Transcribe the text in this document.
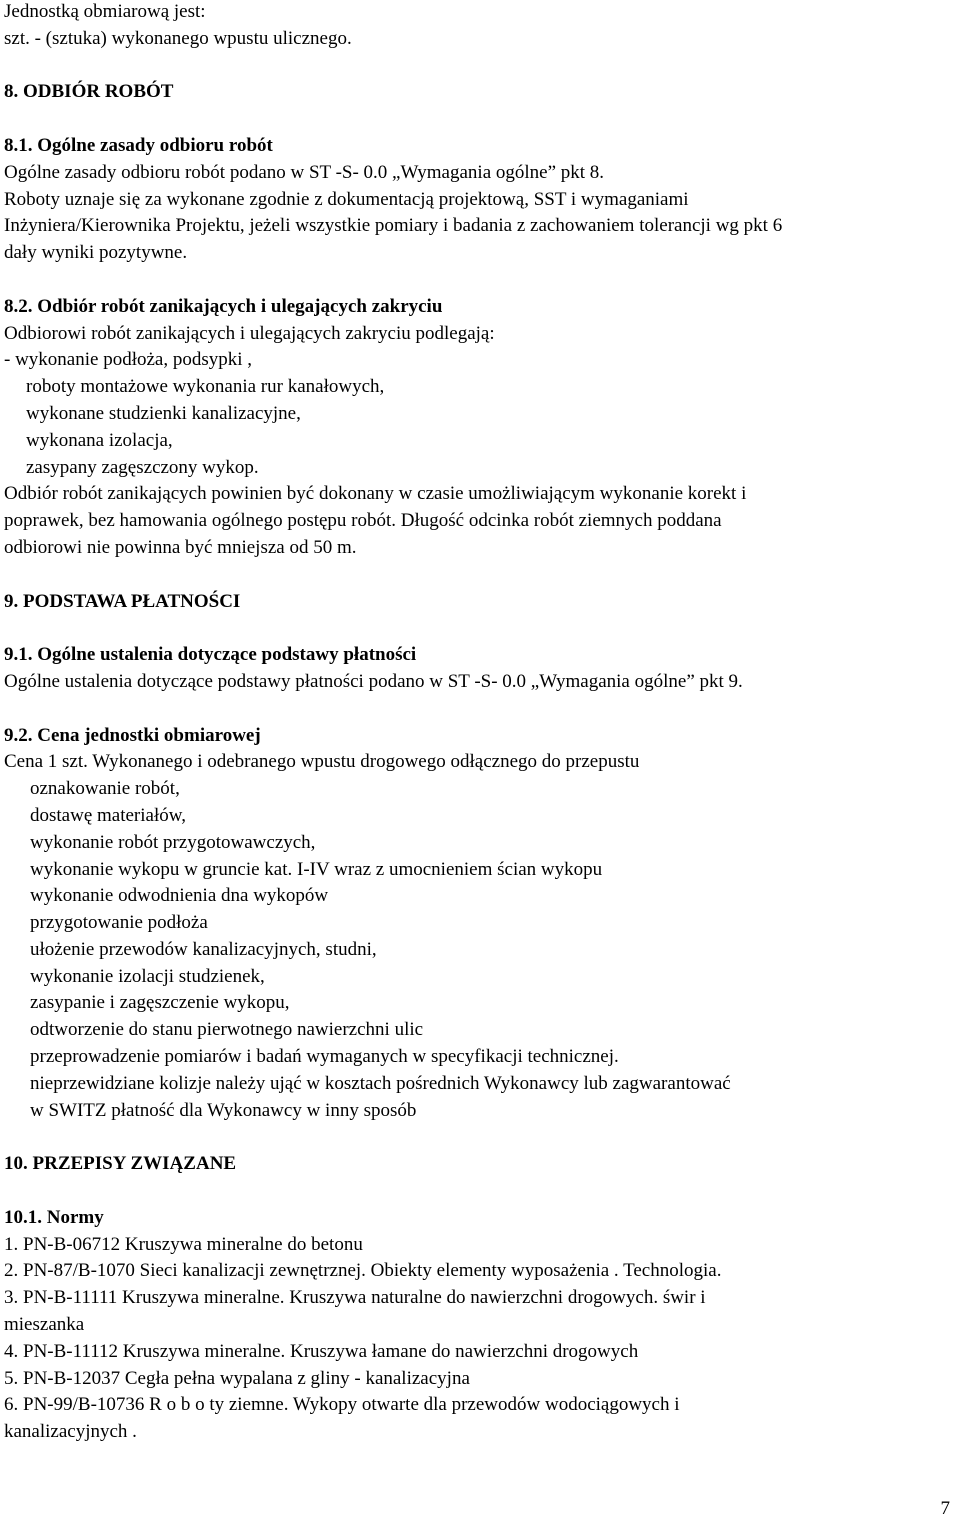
Jednostką obmiarową jest:
szt. - (sztuka) wykonanego wpustu ulicznego.
8. ODBIÓR ROBÓT
8.1. Ogólne zasady odbioru robót
Ogólne zasady odbioru robót podano w ST -S- 0.0 „Wymagania ogólne” pkt 8.
Roboty uznaje się za wykonane zgodnie z dokumentacją projektową, SST i wymaganiami
Inżyniera/Kierownika Projektu, jeżeli wszystkie pomiary i badania z zachowaniem tolerancji wg pkt 6
dały wyniki pozytywne.
8.2. Odbiór robót zanikających i ulegających zakryciu
Odbiorowi robót zanikających i ulegających zakryciu podlegają:
- wykonanie podłoża, podsypki ,
roboty montażowe wykonania rur kanałowych,
wykonane studzienki kanalizacyjne,
wykonana izolacja,
zasypany zagęszczony wykop.
Odbiór robót zanikających powinien być dokonany w czasie umożliwiającym wykonanie korekt i
poprawek, bez hamowania ogólnego postępu robót. Długość odcinka robót ziemnych poddana
odbiorowi nie powinna być mniejsza od 50 m.
9. PODSTAWA PŁATNOŚCI
9.1. Ogólne ustalenia dotyczące podstawy płatności
Ogólne ustalenia dotyczące podstawy płatności podano w ST -S- 0.0 „Wymagania ogólne” pkt 9.
9.2. Cena jednostki obmiarowej
Cena 1 szt. Wykonanego i odebranego wpustu drogowego odłącznego do przepustu
oznakowanie robót,
dostawę materiałów,
wykonanie robót przygotowawczych,
wykonanie wykopu w gruncie kat. I-IV wraz z umocnieniem ścian wykopu
wykonanie odwodnienia dna wykopów
przygotowanie podłoża
ułożenie przewodów kanalizacyjnych, studni,
wykonanie izolacji studzienek,
zasypanie i zagęszczenie wykopu,
odtworzenie do stanu pierwotnego nawierzchni ulic
przeprowadzenie pomiarów i badań wymaganych w specyfikacji technicznej.
nieprzewidziane kolizje należy ująć w kosztach pośrednich Wykonawcy lub zagwarantować
w SWITZ płatność dla Wykonawcy w inny sposób
10. PRZEPISY ZWIĄZANE
10.1. Normy
1. PN-B-06712 Kruszywa mineralne do betonu
2. PN-87/B-1070 Sieci kanalizacji zewnętrznej. Obiekty elementy wyposażenia . Technologia.
3. PN-B-11111 Kruszywa mineralne. Kruszywa naturalne do nawierzchni drogowych. świr i
mieszanka
4. PN-B-11112 Kruszywa mineralne. Kruszywa łamane do nawierzchni drogowych
5. PN-B-12037 Cegła pełna wypalana z gliny - kanalizacyjna
6. PN-99/B-10736 R o b o ty ziemne. Wykopy otwarte dla przewodów wodociągowych i
kanalizacyjnych .
7
